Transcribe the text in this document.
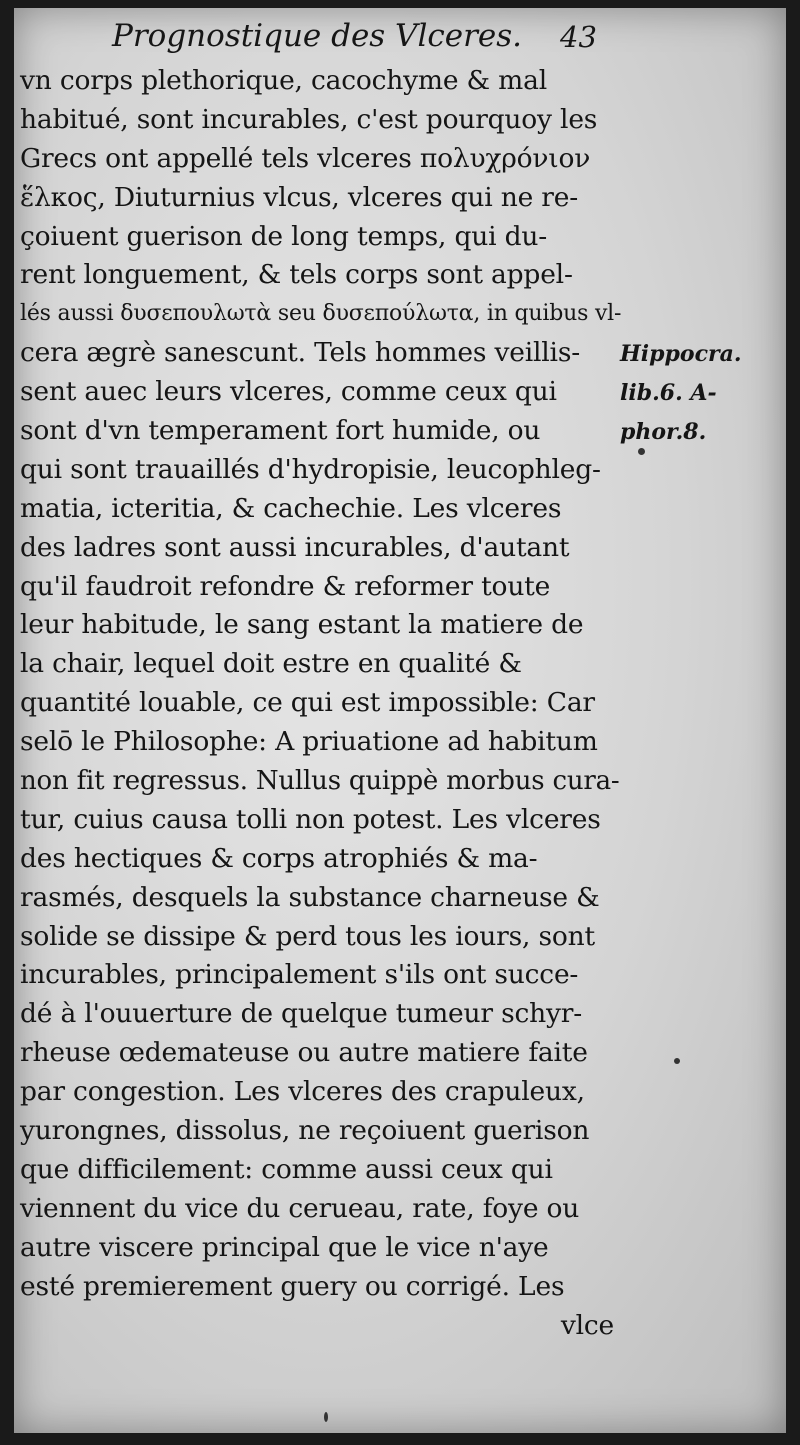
Prognostique des Vlceres. 43
vn corps plethorique, cacochyme & mal
habitué, sont incurables, c'est pourquoy les
Grecs ont appellé tels vlceres πολυχρόνιον
ἕλκος, Diuturnius vlcus, vlceres qui ne re-
çoiuent guerison de long temps, qui du-
rent longuement, & tels corps sont appel-
lés aussi δυσεπουλωτὰ seu δυσεπούλωτα, in quibus vl-
cera ægrè sanescunt. Tels hommes veillis-
sent auec leurs vlceres, comme ceux qui
sont d'vn temperament fort humide, ou
qui sont trauaillés d'hydropisie, leucophleg-
matia, icteritia, & cachechie. Les vlceres
des ladres sont aussi incurables, d'autant
qu'il faudroit refondre & reformer toute
leur habitude, le sang estant la matiere de
la chair, lequel doit estre en qualité &
quantité louable, ce qui est impossible: Car
selō le Philosophe: A priuatione ad habitum
non fit regressus. Nullus quippè morbus cura-
tur, cuius causa tolli non potest. Les vlceres
des hectiques & corps atrophiés & ma-
rasmés, desquels la substance charneuse &
solide se dissipe & perd tous les iours, sont
incurables, principalement s'ils ont succe-
dé à l'ouuerture de quelque tumeur schyr-
rheuse œdemateuse ou autre matiere faite
par congestion. Les vlceres des crapuleux,
yurongnes, dissolus, ne reçoiuent guerison
que difficilement: comme aussi ceux qui
viennent du vice du cerueau, rate, foye ou
autre viscere principal que le vice n'aye
esté premierement guery ou corrigé. Les
vlce
Hippocra.
lib.6. A-
phor.8.
